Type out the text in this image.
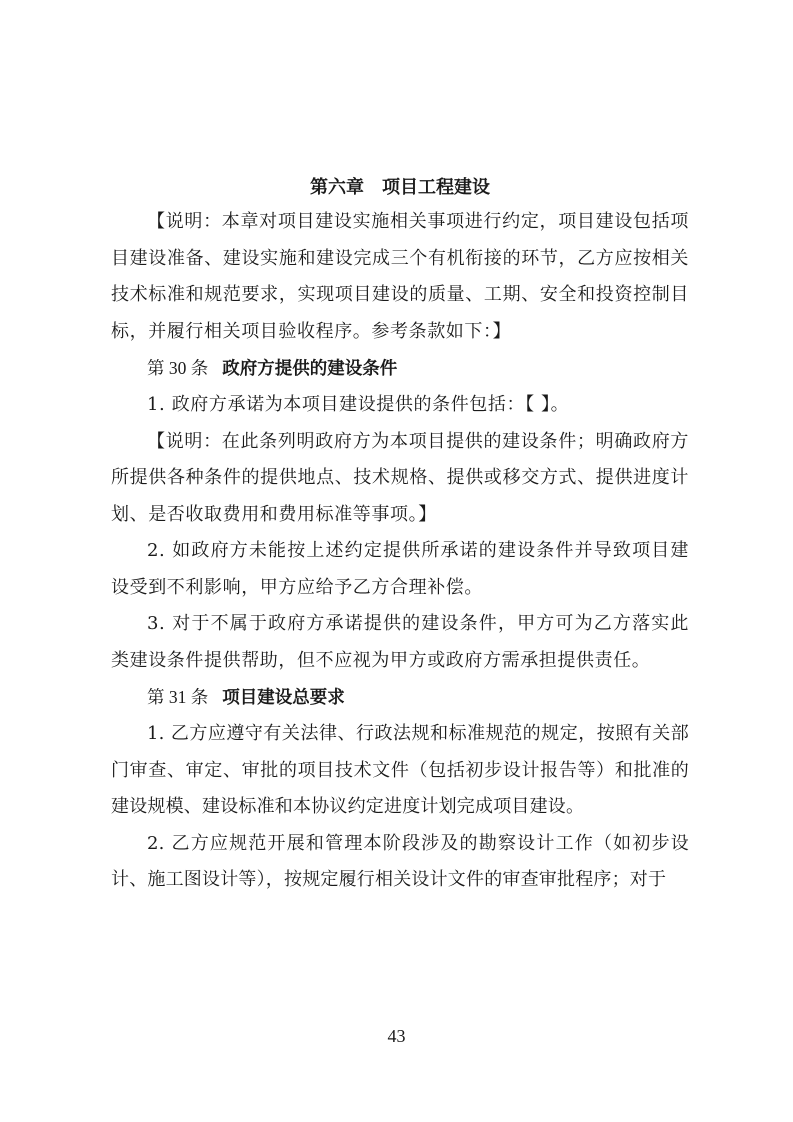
第六章　项目工程建设

【说明：本章对项目建设实施相关事项进行约定，项目建设包括项目建设准备、建设实施和建设完成三个有机衔接的环节，乙方应按相关技术标准和规范要求，实现项目建设的质量、工期、安全和投资控制目标，并履行相关项目验收程序。参考条款如下：】

第 30 条 政府方提供的建设条件

1. 政府方承诺为本项目建设提供的条件包括：【 】。

【说明：在此条列明政府方为本项目提供的建设条件；明确政府方所提供各种条件的提供地点、技术规格、提供或移交方式、提供进度计划、是否收取费用和费用标准等事项。】

2. 如政府方未能按上述约定提供所承诺的建设条件并导致项目建设受到不利影响，甲方应给予乙方合理补偿。

3. 对于不属于政府方承诺提供的建设条件，甲方可为乙方落实此类建设条件提供帮助，但不应视为甲方或政府方需承担提供责任。

第 31 条 项目建设总要求

1. 乙方应遵守有关法律、行政法规和标准规范的规定，按照有关部门审查、审定、审批的项目技术文件（包括初步设计报告等）和批准的建设规模、建设标准和本协议约定进度计划完成项目建设。

2. 乙方应规范开展和管理本阶段涉及的勘察设计工作（如初步设计、施工图设计等），按规定履行相关设计文件的审查审批程序；对于

43
